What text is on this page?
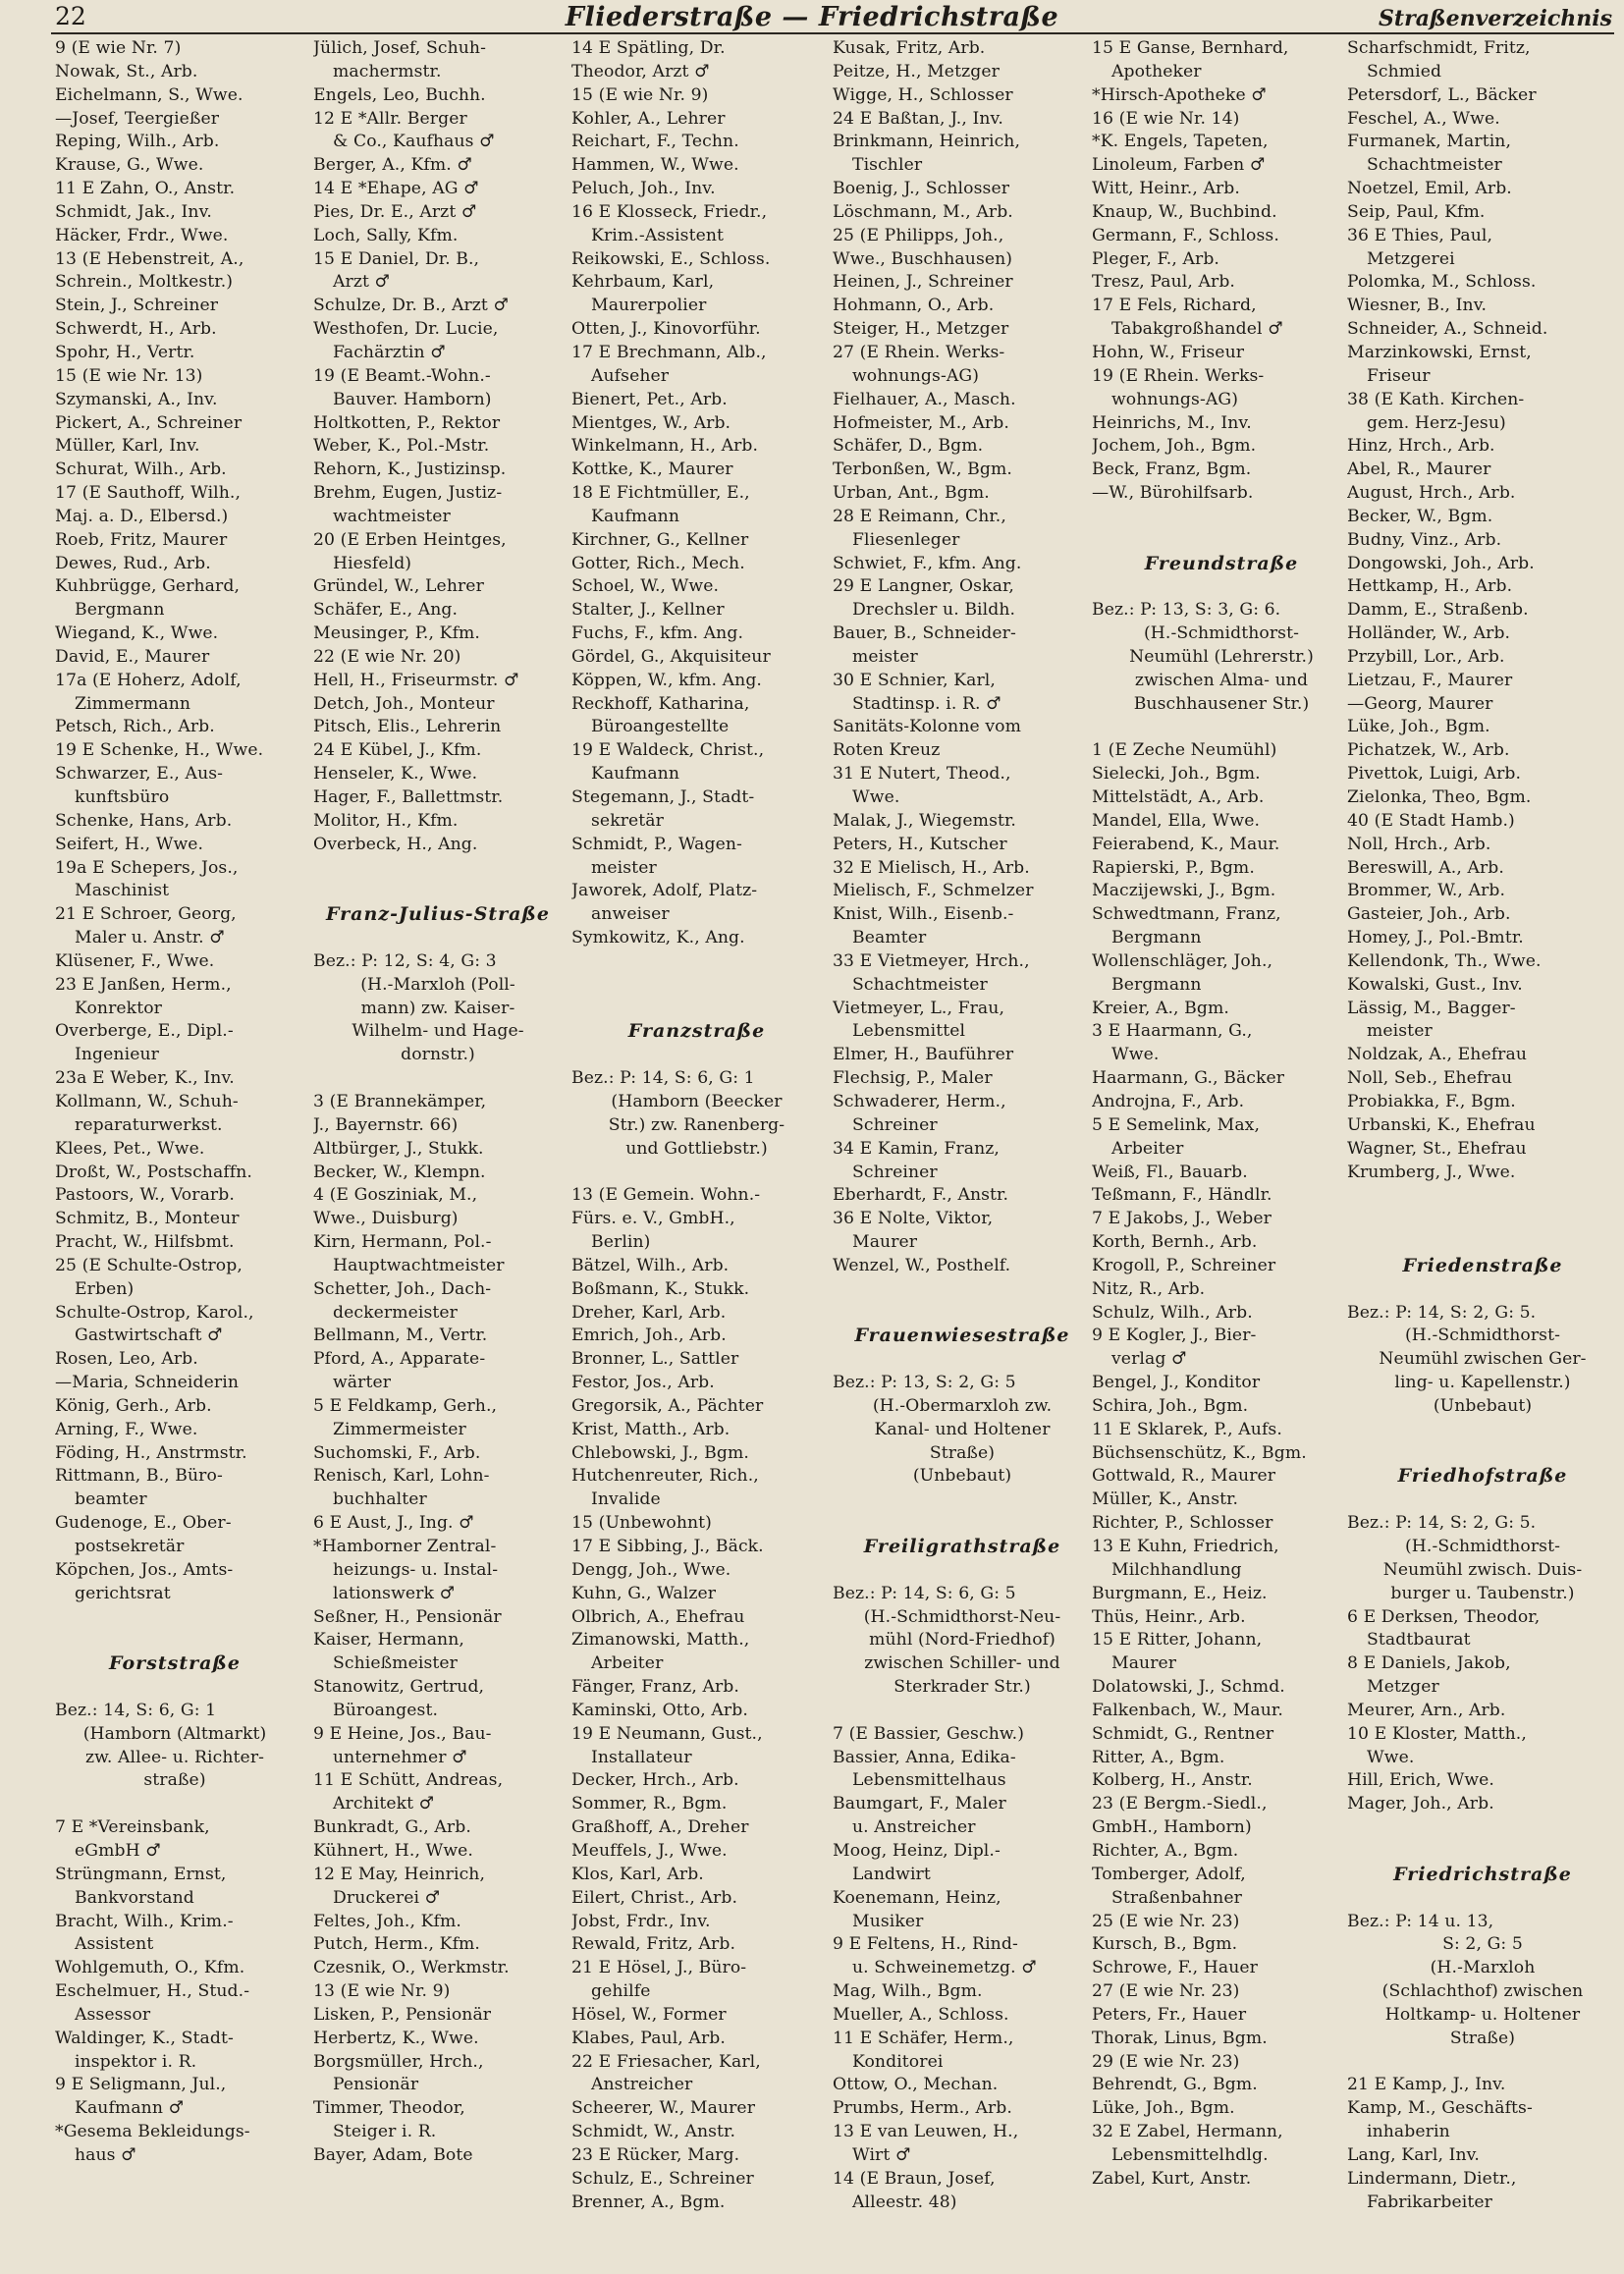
22	Fliederstraße — Friedrichstraße	Straßenverzeichnis
9 (E wie Nr. 7)
Nowak, St., Arb.
Eichelmann, S., Wwe.
—Josef, Teergießer
Reping, Wilh., Arb.
Krause, G., Wwe.
11 E Zahn, O., Anstr.
Schmidt, Jak., Inv.
Häcker, Frdr., Wwe.
13 (E Hebenstreit, A.,
Schrein., Moltkestr.)
Stein, J., Schreiner
Schwerdt, H., Arb.
Spohr, H., Vertr.
15 (E wie Nr. 13)
Szymanski, A., Inv.
Pickert, A., Schreiner
Müller, Karl, Inv.
Schurat, Wilh., Arb.
17 (E Sauthoff, Wilh.,
Maj. a. D., Elbersd.)
Roeb, Fritz, Maurer
Dewes, Rud., Arb.
Kuhbrügge, Gerhard,
Bergmann
Wiegand, K., Wwe.
David, E., Maurer
17a (E Hoherz, Adolf,
Zimmermann
Petsch, Rich., Arb.
19 E Schenke, H., Wwe.
Schwarzer, E., Aus-
kunftsbüro
Schenke, Hans, Arb.
Seifert, H., Wwe.
19a E Schepers, Jos.,
Maschinist
21 E Schroer, Georg,
Maler u. Anstr. ♂
Klüsener, F., Wwe.
23 E Janßen, Herm.,
Konrektor
Overberge, E., Dipl.-
Ingenieur
23a E Weber, K., Inv.
Kollmann, W., Schuh-
reparaturwerkst.
Klees, Pet., Wwe.
Droßt, W., Postschaffn.
Pastoors, W., Vorarb.
Schmitz, B., Monteur
Pracht, W., Hilfsbmt.
25 (E Schulte-Ostrop,
Erben)
Schulte-Ostrop, Karol.,
Gastwirtschaft ♂
Rosen, Leo, Arb.
—Maria, Schneiderin
König, Gerh., Arb.
Arning, F., Wwe.
Föding, H., Anstrmstr.
Rittmann, B., Büro-
beamter
Gudenoge, E., Ober-
postsekretär
Köpchen, Jos., Amts-
gerichtsrat
Forststraße
Bez.: 14, S: 6, G: 1
(Hamborn (Altmarkt)
zw. Allee- u. Richter-
straße)
7 E *Vereinsbank,
eGmbH ♂
Strüngmann, Ernst,
Bankvorstand
Bracht, Wilh., Krim.-
Assistent
Wohlgemuth, O., Kfm.
Eschelmuer, H., Stud.-
Assessor
Waldinger, K., Stadt-
inspektor i. R.
9 E Seligmann, Jul.,
Kaufmann ♂
*Gesema Bekleidungs-
haus ♂
Jülich, Josef, Schuh-
machermstr.
Engels, Leo, Buchh.
12 E *Allr. Berger
& Co., Kaufhaus ♂
Berger, A., Kfm. ♂
14 E *Ehape, AG ♂
Pies, Dr. E., Arzt ♂
Loch, Sally, Kfm.
15 E Daniel, Dr. B.,
Arzt ♂
Schulze, Dr. B., Arzt ♂
Westhofen, Dr. Lucie,
Fachärztin ♂
19 (E Beamt.-Wohn.-
Bauver. Hamborn)
Holtkotten, P., Rektor
Weber, K., Pol.-Mstr.
Rehorn, K., Justizinsp.
Brehm, Eugen, Justiz-
wachtmeister
20 (E Erben Heintges,
Hiesfeld)
Gründel, W., Lehrer
Schäfer, E., Ang.
Meusinger, P., Kfm.
22 (E wie Nr. 20)
Hell, H., Friseurmstr. ♂
Detch, Joh., Monteur
Pitsch, Elis., Lehrerin
24 E Kübel, J., Kfm.
Henseler, K., Wwe.
Hager, F., Ballettmstr.
Molitor, H., Kfm.
Overbeck, H., Ang.
Franz-Julius-Straße
Bez.: P: 12, S: 4, G: 3
(H.-Marxloh (Poll-
mann) zw. Kaiser-
Wilhelm- und Hage-
dornstr.)
3 (E Brannekämper,
J., Bayernstr. 66)
Altbürger, J., Stukk.
Becker, W., Klempn.
4 (E Gosziniak, M.,
Wwe., Duisburg)
Kirn, Hermann, Pol.-
Hauptwachtmeister
Schetter, Joh., Dach-
deckermeister
Bellmann, M., Vertr.
Pford, A., Apparate-
wärter
5 E Feldkamp, Gerh.,
Zimmermeister
Suchomski, F., Arb.
Renisch, Karl, Lohn-
buchhalter
6 E Aust, J., Ing. ♂
*Hamborner Zentral-
heizungs- u. Instal-
lationswerk ♂
Seßner, H., Pensionär
Kaiser, Hermann,
Schießmeister
Stanowitz, Gertrud,
Büroangest.
9 E Heine, Jos., Bau-
unternehmer ♂
11 E Schütt, Andreas,
Architekt ♂
Bunkradt, G., Arb.
Kühnert, H., Wwe.
12 E May, Heinrich,
Druckerei ♂
Feltes, Joh., Kfm.
Putch, Herm., Kfm.
Czesnik, O., Werkmstr.
13 (E wie Nr. 9)
Lisken, P., Pensionär
Herbertz, K., Wwe.
Borgsmüller, Hrch.,
Pensionär
Timmer, Theodor,
Steiger i. R.
Bayer, Adam, Bote
14 E Spätling, Dr.
Theodor, Arzt ♂
15 (E wie Nr. 9)
Kohler, A., Lehrer
Reichart, F., Techn.
Hammen, W., Wwe.
Peluch, Joh., Inv.
16 E Klosseck, Friedr.,
Krim.-Assistent
Reikowski, E., Schloss.
Kehrbaum, Karl,
Maurerpolier
Otten, J., Kinovorführ.
17 E Brechmann, Alb.,
Aufseher
Bienert, Pet., Arb.
Mientges, W., Arb.
Winkelmann, H., Arb.
Kottke, K., Maurer
18 E Fichtmüller, E.,
Kaufmann
Kirchner, G., Kellner
Gotter, Rich., Mech.
Schoel, W., Wwe.
Stalter, J., Kellner
Fuchs, F., kfm. Ang.
Gördel, G., Akquisiteur
Köppen, W., kfm. Ang.
Reckhoff, Katharina,
Büroangestellte
19 E Waldeck, Christ.,
Kaufmann
Stegemann, J., Stadt-
sekretär
Schmidt, P., Wagen-
meister
Jaworek, Adolf, Platz-
anweiser
Symkowitz, K., Ang.
Franzstraße
Bez.: P: 14, S: 6, G: 1
(Hamborn (Beecker
Str.) zw. Ranenberg-
und Gottliebstr.)
13 (E Gemein. Wohn.-
Fürs. e. V., GmbH.,
Berlin)
Bätzel, Wilh., Arb.
Boßmann, K., Stukk.
Dreher, Karl, Arb.
Emrich, Joh., Arb.
Bronner, L., Sattler
Festor, Jos., Arb.
Gregorsik, A., Pächter
Krist, Matth., Arb.
Chlebowski, J., Bgm.
Hutchenreuter, Rich.,
Invalide
15 (Unbewohnt)
17 E Sibbing, J., Bäck.
Dengg, Joh., Wwe.
Kuhn, G., Walzer
Olbrich, A., Ehefrau
Zimanowski, Matth.,
Arbeiter
Fänger, Franz, Arb.
Kaminski, Otto, Arb.
19 E Neumann, Gust.,
Installateur
Decker, Hrch., Arb.
Sommer, R., Bgm.
Graßhoff, A., Dreher
Meuffels, J., Wwe.
Klos, Karl, Arb.
Eilert, Christ., Arb.
Jobst, Frdr., Inv.
Rewald, Fritz, Arb.
21 E Hösel, J., Büro-
gehilfe
Hösel, W., Former
Klabes, Paul, Arb.
22 E Friesacher, Karl,
Anstreicher
Scheerer, W., Maurer
Schmidt, W., Anstr.
23 E Rücker, Marg.
Schulz, E., Schreiner
Brenner, A., Bgm.
Kusak, Fritz, Arb.
Peitze, H., Metzger
Wigge, H., Schlosser
24 E Baßtan, J., Inv.
Brinkmann, Heinrich,
Tischler
Boenig, J., Schlosser
Löschmann, M., Arb.
25 (E Philipps, Joh.,
Wwe., Buschhausen)
Heinen, J., Schreiner
Hohmann, O., Arb.
Steiger, H., Metzger
27 (E Rhein. Werks-
wohnungs-AG)
Fielhauer, A., Masch.
Hofmeister, M., Arb.
Schäfer, D., Bgm.
Terbonßen, W., Bgm.
Urban, Ant., Bgm.
28 E Reimann, Chr.,
Fliesenleger
Schwiet, F., kfm. Ang.
29 E Langner, Oskar,
Drechsler u. Bildh.
Bauer, B., Schneider-
meister
30 E Schnier, Karl,
Stadtinsp. i. R. ♂
Sanitäts-Kolonne vom
Roten Kreuz
31 E Nutert, Theod.,
Wwe.
Malak, J., Wiegemstr.
Peters, H., Kutscher
32 E Mielisch, H., Arb.
Mielisch, F., Schmelzer
Knist, Wilh., Eisenb.-
Beamter
33 E Vietmeyer, Hrch.,
Schachtmeister
Vietmeyer, L., Frau,
Lebensmittel
Elmer, H., Bauführer
Flechsig, P., Maler
Schwaderer, Herm.,
Schreiner
34 E Kamin, Franz,
Schreiner
Eberhardt, F., Anstr.
36 E Nolte, Viktor,
Maurer
Wenzel, W., Posthelf.
Frauenwiesestraße
Bez.: P: 13, S: 2, G: 5
(H.-Obermarxloh zw.
Kanal- und Holtener
Straße)
(Unbebaut)
Freiligrathstraße
Bez.: P: 14, S: 6, G: 5
(H.-Schmidthorst-Neu-
mühl (Nord-Friedhof)
zwischen Schiller- und
Sterkrader Str.)
7 (E Bassier, Geschw.)
Bassier, Anna, Edika-
Lebensmittelhaus
Baumgart, F., Maler
u. Anstreicher
Moog, Heinz, Dipl.-
Landwirt
Koenemann, Heinz,
Musiker
9 E Feltens, H., Rind-
u. Schweinemetzg. ♂
Mag, Wilh., Bgm.
Mueller, A., Schloss.
11 E Schäfer, Herm.,
Konditorei
Ottow, O., Mechan.
Prumbs, Herm., Arb.
13 E van Leuwen, H.,
Wirt ♂
14 (E Braun, Josef,
Alleestr. 48)
15 E Ganse, Bernhard,
Apotheker
*Hirsch-Apotheke ♂
16 (E wie Nr. 14)
*K. Engels, Tapeten,
Linoleum, Farben ♂
Witt, Heinr., Arb.
Knaup, W., Buchbind.
Germann, F., Schloss.
Pleger, F., Arb.
Tresz, Paul, Arb.
17 E Fels, Richard,
Tabakgroßhandel ♂
Hohn, W., Friseur
19 (E Rhein. Werks-
wohnungs-AG)
Heinrichs, M., Inv.
Jochem, Joh., Bgm.
Beck, Franz, Bgm.
—W., Bürohilfsarb.
Freundstraße
Bez.: P: 13, S: 3, G: 6.
(H.-Schmidthorst-
Neumühl (Lehrerstr.)
zwischen Alma- und
Buschhausener Str.)
1 (E Zeche Neumühl)
Sielecki, Joh., Bgm.
Mittelstädt, A., Arb.
Mandel, Ella, Wwe.
Feierabend, K., Maur.
Rapierski, P., Bgm.
Maczijewski, J., Bgm.
Schwedtmann, Franz,
Bergmann
Wollenschläger, Joh.,
Bergmann
Kreier, A., Bgm.
3 E Haarmann, G.,
Wwe.
Haarmann, G., Bäcker
Androjna, F., Arb.
5 E Semelink, Max,
Arbeiter
Weiß, Fl., Bauarb.
Teßmann, F., Händlr.
7 E Jakobs, J., Weber
Korth, Bernh., Arb.
Krogoll, P., Schreiner
Nitz, R., Arb.
Schulz, Wilh., Arb.
9 E Kogler, J., Bier-
verlag ♂
Bengel, J., Konditor
Schira, Joh., Bgm.
11 E Sklarek, P., Aufs.
Büchsenschütz, K., Bgm.
Gottwald, R., Maurer
Müller, K., Anstr.
Richter, P., Schlosser
13 E Kuhn, Friedrich,
Milchhandlung
Burgmann, E., Heiz.
Thüs, Heinr., Arb.
15 E Ritter, Johann,
Maurer
Dolatowski, J., Schmd.
Falkenbach, W., Maur.
Schmidt, G., Rentner
Ritter, A., Bgm.
Kolberg, H., Anstr.
23 (E Bergm.-Siedl.,
GmbH., Hamborn)
Richter, A., Bgm.
Tomberger, Adolf,
Straßenbahner
25 (E wie Nr. 23)
Kursch, B., Bgm.
Schrowe, F., Hauer
27 (E wie Nr. 23)
Peters, Fr., Hauer
Thorak, Linus, Bgm.
29 (E wie Nr. 23)
Behrendt, G., Bgm.
Lüke, Joh., Bgm.
32 E Zabel, Hermann,
Lebensmittelhdlg.
Zabel, Kurt, Anstr.
Scharfschmidt, Fritz,
Schmied
Petersdorf, L., Bäcker
Feschel, A., Wwe.
Furmanek, Martin,
Schachtmeister
Noetzel, Emil, Arb.
Seip, Paul, Kfm.
36 E Thies, Paul,
Metzgerei
Polomka, M., Schloss.
Wiesner, B., Inv.
Schneider, A., Schneid.
Marzinkowski, Ernst,
Friseur
38 (E Kath. Kirchen-
gem. Herz-Jesu)
Hinz, Hrch., Arb.
Abel, R., Maurer
August, Hrch., Arb.
Becker, W., Bgm.
Budny, Vinz., Arb.
Dongowski, Joh., Arb.
Hettkamp, H., Arb.
Damm, E., Straßenb.
Holländer, W., Arb.
Przybill, Lor., Arb.
Lietzau, F., Maurer
—Georg, Maurer
Lüke, Joh., Bgm.
Pichatzek, W., Arb.
Pivettok, Luigi, Arb.
Zielonka, Theo, Bgm.
40 (E Stadt Hamb.)
Noll, Hrch., Arb.
Bereswill, A., Arb.
Brommer, W., Arb.
Gasteier, Joh., Arb.
Homey, J., Pol.-Bmtr.
Kellendonk, Th., Wwe.
Kowalski, Gust., Inv.
Lässig, M., Bagger-
meister
Noldzak, A., Ehefrau
Noll, Seb., Ehefrau
Probiakka, F., Bgm.
Urbanski, K., Ehefrau
Wagner, St., Ehefrau
Krumberg, J., Wwe.
Friedenstraße
Bez.: P: 14, S: 2, G: 5.
(H.-Schmidthorst-
Neumühl zwischen Ger-
ling- u. Kapellenstr.)
(Unbebaut)
Friedhofstraße
Bez.: P: 14, S: 2, G: 5.
(H.-Schmidthorst-
Neumühl zwisch. Duis-
burger u. Taubenstr.)
6 E Derksen, Theodor,
Stadtbaurat
8 E Daniels, Jakob,
Metzger
Meurer, Arn., Arb.
10 E Kloster, Matth.,
Wwe.
Hill, Erich, Wwe.
Mager, Joh., Arb.
Friedrichstraße
Bez.: P: 14 u. 13,
S: 2, G: 5
(H.-Marxloh
(Schlachthof) zwischen
Holtkamp- u. Holtener
Straße)
21 E Kamp, J., Inv.
Kamp, M., Geschäfts-
inhaberin
Lang, Karl, Inv.
Lindermann, Dietr.,
Fabrikarbeiter
